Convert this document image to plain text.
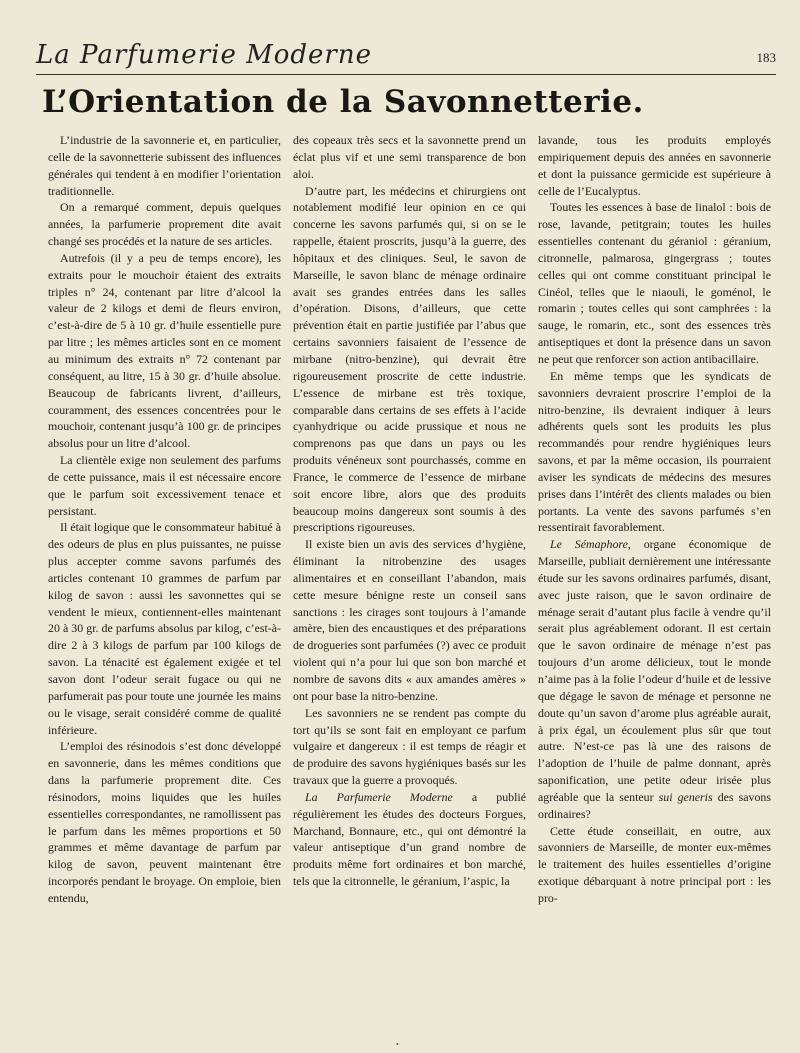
La Parfumerie Moderne	183
L’Orientation de la Savonnetterie.

L’industrie de la savonnerie et, en particulier, celle de la savonnetterie subissent des influences générales qui tendent à en modifier l’orientation traditionnelle.

On a remarqué comment, depuis quelques années, la parfumerie proprement dite avait changé ses procédés et la nature de ses articles.

Autrefois (il y a peu de temps encore), les extraits pour le mouchoir étaient des extraits triples n° 24, contenant par litre d’alcool la valeur de 2 kilogs et demi de fleurs environ, c’est-à-dire de 5 à 10 gr. d’huile essentielle pure par litre ; les mêmes articles sont en ce moment au minimum des extraits n° 72 contenant par conséquent, au litre, 15 à 30 gr. d’huile absolue. Beaucoup de fabricants livrent, d’ailleurs, couramment, des essences concentrées pour le mouchoir, contenant jusqu’à 100 gr. de principes absolus pour un litre d’alcool.

La clientèle exige non seulement des parfums de cette puissance, mais il est nécessaire encore que le parfum soit excessivement tenace et persistant.

Il était logique que le consommateur habitué à des odeurs de plus en plus puissantes, ne puisse plus accepter comme savons parfumés des articles contenant 10 grammes de parfum par kilog de savon : aussi les savonnettes qui se vendent le mieux, contiennent-elles maintenant 20 à 30 gr. de parfums absolus par kilog, c’est-à-dire 2 à 3 kilogs de parfum par 100 kilogs de savon. La ténacité est également exigée et tel savon dont l’odeur serait fugace ou qui ne parfumerait pas pour toute une journée les mains ou le visage, serait considéré comme de qualité inférieure.

L’emploi des résinodois s’est donc développé en savonnerie, dans les mêmes conditions que dans la parfumerie proprement dite. Ces résinodors, moins liquides que les huiles essentielles correspondantes, ne ramollissent pas le parfum dans les mêmes proportions et 50 grammes et même davantage de parfum par kilog de savon, peuvent maintenant être incorporés pendant le broyage. On emploie, bien entendu,

des copeaux très secs et la savonnette prend un éclat plus vif et une semi transparence de bon aloi.

D’autre part, les médecins et chirurgiens ont notablement modifié leur opinion en ce qui concerne les savons parfumés qui, si on se le rappelle, étaient proscrits, jusqu’à la guerre, des hôpitaux et des cliniques. Seul, le savon de Marseille, le savon blanc de ménage ordinaire avait ses grandes entrées dans les salles d’opération. Disons, d’ailleurs, que cette prévention était en partie justifiée par l’abus que certains savonniers faisaient de l’essence de mirbane (nitro-benzine), qui devrait être rigoureusement proscrite de cette industrie. L’essence de mirbane est très toxique, comparable dans certains de ses effets à l’acide cyanhydrique ou acide prussique et nous ne comprenons pas que dans un pays ou les produits vénéneux sont pourchassés, comme en France, le commerce de l’essence de mirbane soit encore libre, alors que des produits beaucoup moins dangereux sont soumis à des prescriptions rigoureuses.

Il existe bien un avis des services d’hygiène, éliminant la nitrobenzine des usages alimentaires et en conseillant l’abandon, mais cette mesure bénigne reste un conseil sans sanctions : les cirages sont toujours à l’amande amère, bien des encaustiques et des préparations de drogueries sont parfumées (?) avec ce produit violent qui n’a pour lui que son bon marché et nombre de savons dits « aux amandes amères » ont pour base la nitro-benzine.

Les savonniers ne se rendent pas compte du tort qu’ils se sont fait en employant ce parfum vulgaire et dangereux : il est temps de réagir et de produire des savons hygiéniques basés sur les travaux que la guerre a provoqués.

La Parfumerie Moderne a publié régulièrement les études des docteurs Forgues, Marchand, Bonnaure, etc., qui ont démontré la valeur antiseptique d’un grand nombre de produits même fort ordinaires et bon marché, tels que la citronnelle, le géranium, l’aspic, la

lavande, tous les produits employés empiriquement depuis des années en savonnerie et dont la puissance germicide est supérieure à celle de l’Eucalyptus.

Toutes les essences à base de linalol : bois de rose, lavande, petitgrain; toutes les huiles essentielles contenant du géraniol : géranium, citronnelle, palmarosa, gingergrass ; toutes celles qui ont comme constituant principal le Cinéol, telles que le niaouli, le goménol, le romarin ; toutes celles qui sont camphrées : la sauge, le romarin, etc., sont des essences très antiseptiques et dont la présence dans un savon ne peut que renforcer son action antibacillaire.

En même temps que les syndicats de savonniers devraient proscrire l’emploi de la nitro-benzine, ils devraient indiquer à leurs adhérents quels sont les produits les plus recommandés pour rendre hygiéniques leurs savons, et par la même occasion, ils pourraient aviser les syndicats de médecins des mesures prises dans l’intérêt des clients malades ou bien portants. La vente des savons parfumés s’en ressentirait favorablement.

Le Sémaphore, organe économique de Marseille, publiait dernièrement une intéressante étude sur les savons ordinaires parfumés, disant, avec juste raison, que le savon ordinaire de ménage serait d’autant plus facile à vendre qu’il serait plus agréablement odorant. Il est certain que le savon ordinaire de ménage n’est pas toujours d’un arome délicieux, tout le monde n’aime pas à la folie l’odeur d’huile et de lessive que dégage le savon de ménage et personne ne doute qu’un savon d’arome plus agréable aurait, à prix égal, un écoulement plus sûr que tout autre. N’est-ce pas là une des raisons de l’adoption de l’huile de palme donnant, après saponification, une petite odeur irisée plus agréable que la senteur sui generis des savons ordinaires?

Cette étude conseillait, en outre, aux savonniers de Marseille, de monter eux-mêmes le traitement des huiles essentielles d’origine exotique débarquant à notre principal port : les pro-

•
